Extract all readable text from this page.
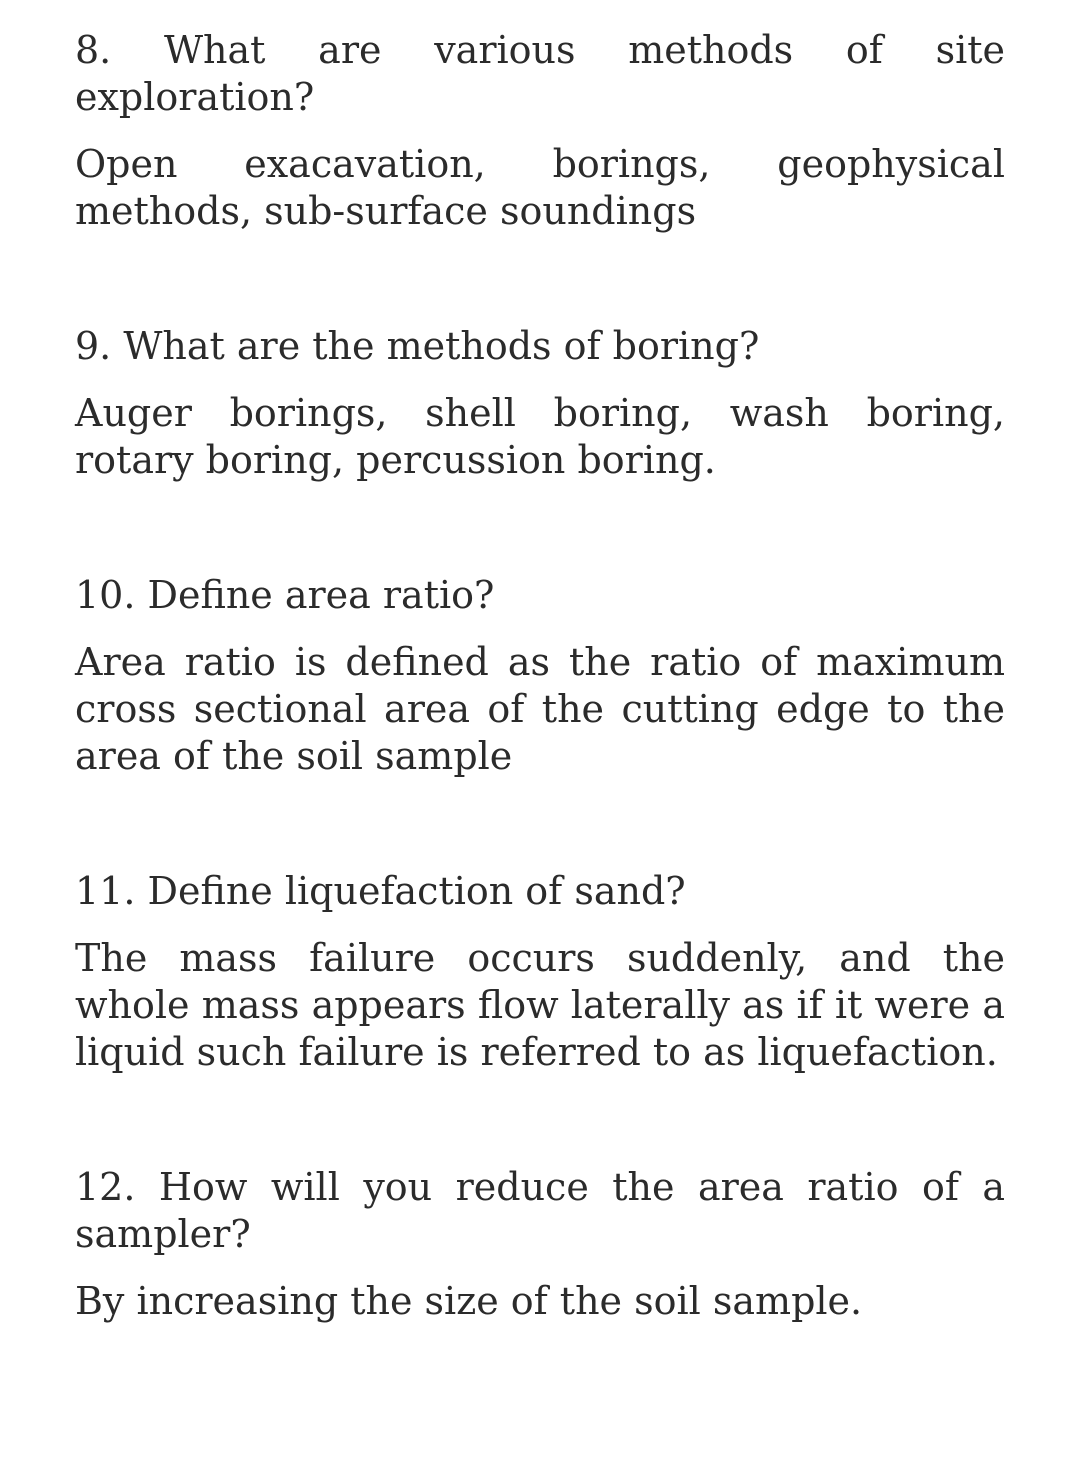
8. What are various methods of site exploration?

Open exacavation, borings, geophysical methods, sub-surface soundings

9. What are the methods of boring?

Auger borings, shell boring, wash boring, rotary boring, percussion boring.

10. Define area ratio?

Area ratio is defined as the ratio of maximum cross sectional area of the cutting edge to the area of the soil sample

11. Define liquefaction of sand?

The mass failure occurs suddenly, and the whole mass appears flow laterally as if it were a liquid such failure is referred to as liquefaction.

12. How will you reduce the area ratio of a sampler?

By increasing the size of the soil sample.
